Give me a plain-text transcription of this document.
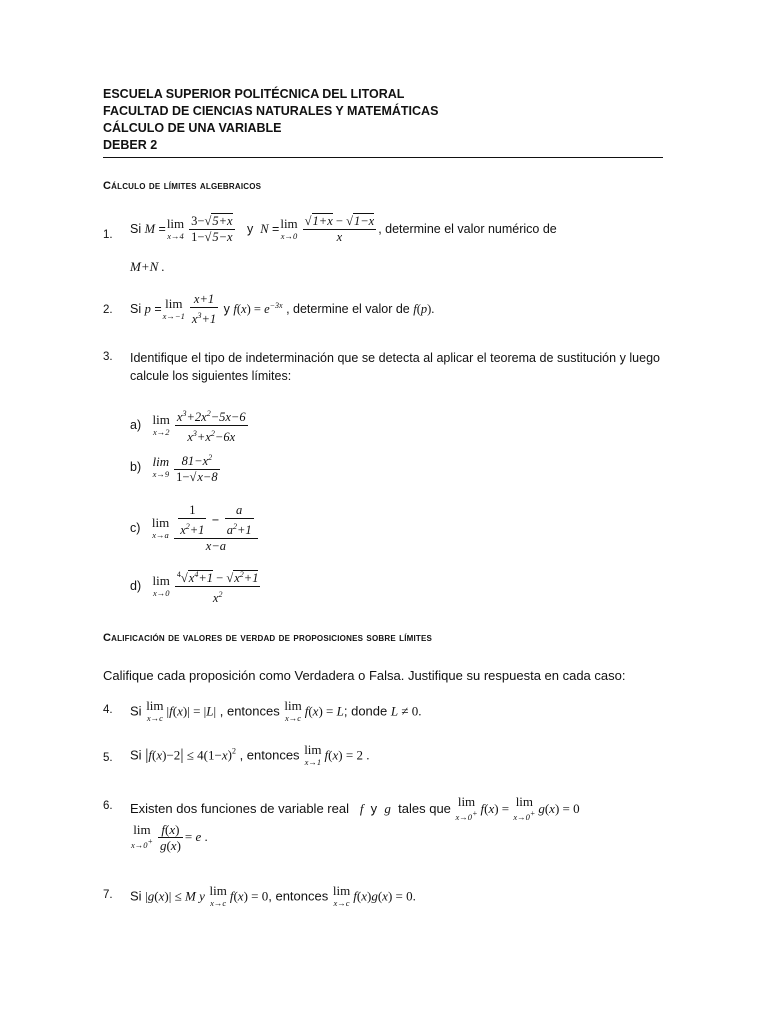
ESCUELA SUPERIOR POLITÉCNICA DEL LITORAL
FACULTAD DE CIENCIAS NATURALES Y MATEMÁTICAS
CÁLCULO DE UNA VARIABLE
DEBER 2
Cálculo de límites algebraicos
1. Si M = lim
$x\to 4 \frac{3-√5+x}{1-√5-x}$ y N = lim
$x\to 0 \frac{√1+x - √1-x}{x}$ , determine el valor numérico de
M+N .
2. Si p = lim
$x\to-1 \frac{x+1}{x^3+1}$ y $f(x) = e^{-3x}$ , determine el valor de f(p).
3. Identifique el tipo de indeterminación que se detecta al aplicar el teorema de sustitución y luego calcule los siguientes límites:
a) lim
$x\to 2 \frac{x^3+2x^2-5x-6}{x^3+x^2-6x}$
b) lim
$x\to 9 \frac{81-x^2}{1-√x-8}$
c) lim
$x\to a \frac{\frac{1}{x^2+1} - \frac{a}{a^2+1}}{x-a}$
d) lim
$x\to 0 \frac{^4√x^4+1 - √x^2+1}{x^2}$
Calificación de valores de verdad de proposiciones sobre límites
Califique cada proposición como Verdadera o Falsa. Justifique su respuesta en cada caso:
4. Si lim
x→c |f(x)| = |L| , entonces lim
x→c f(x) = L; donde L ≠ 0.
5. Si $|f(x)-2| \le 4(1-x)^2$ , entonces lim
x→1 f(x) = 2 .
6. Existen dos funciones de variable real f y g tales que lim
x→0+ f(x) = lim
x→0+ g(x) = 0
lim
$x\to 0^+ \frac{f(x)}{g(x)} = e$ .
7. Si |g(x)| ≤ M y lim
x→c f(x) = 0, entonces lim
x→c f(x)g(x) = 0.
